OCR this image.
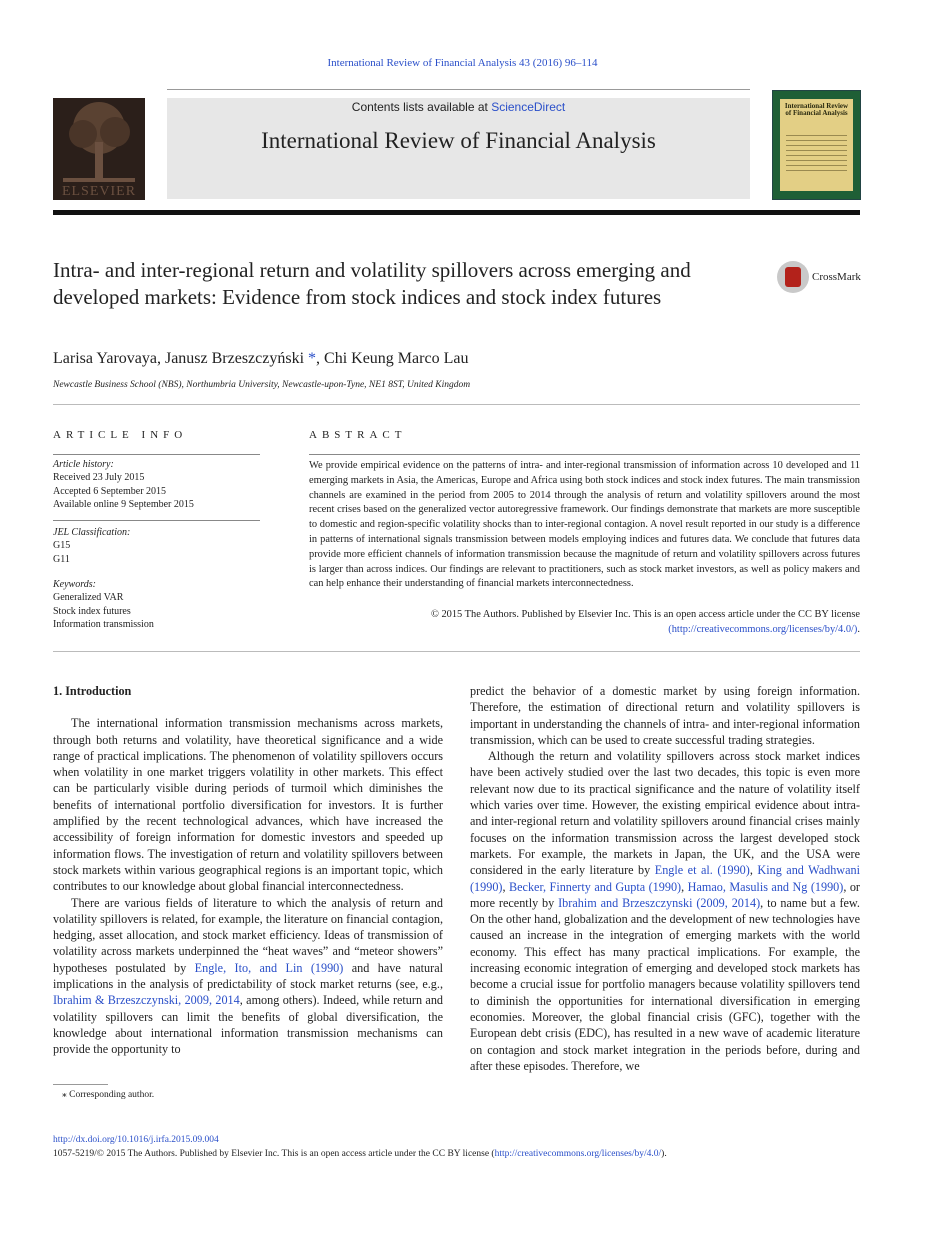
International Review of Financial Analysis 43 (2016) 96–114
ELSEVIER
Contents lists available at ScienceDirect
International Review of Financial Analysis
International Review of Financial Analysis
Intra- and inter-regional return and volatility spillovers across emerging and developed markets: Evidence from stock indices and stock index futures
CrossMark
Larisa Yarovaya, Janusz Brzeszczyński *, Chi Keung Marco Lau
Newcastle Business School (NBS), Northumbria University, Newcastle-upon-Tyne, NE1 8ST, United Kingdom
ARTICLE INFO	ABSTRACT
Article history:
Received 23 July 2015
Accepted 6 September 2015
Available online 9 September 2015
JEL Classification:
G15
G11
Keywords:
Generalized VAR
Stock index futures
Information transmission
We provide empirical evidence on the patterns of intra- and inter-regional transmission of information across 10 developed and 11 emerging markets in Asia, the Americas, Europe and Africa using both stock indices and stock index futures. The main transmission channels are examined in the period from 2005 to 2014 through the analysis of return and volatility spillovers around the most recent crises based on the generalized vector autoregressive framework. Our findings demonstrate that markets are more susceptible to domestic and region-specific volatility shocks than to inter-regional contagion. A novel result reported in our study is a difference in patterns of international signals transmission between models employing indices and futures data. We conclude that futures data provide more efficient channels of information transmission because the magnitude of return and volatility spillovers across futures is larger than across indices. Our findings are relevant to practitioners, such as stock market investors, as well as policy makers and can help enhance their understanding of financial markets interconnectedness.
© 2015 The Authors. Published by Elsevier Inc. This is an open access article under the CC BY license
(http://creativecommons.org/licenses/by/4.0/).
1. Introduction

The international information transmission mechanisms across markets, through both returns and volatility, have theoretical significance and a wide range of practical implications. The phenomenon of volatility spillovers occurs when volatility in one market triggers volatility in other markets. This effect can be particularly visible during periods of turmoil which diminishes the benefits of international portfolio diversification for investors. It is further amplified by the recent technological advances, which have increased the accessibility of foreign information for domestic investors and speeded up information flows. The investigation of return and volatility spillovers between stock markets within various geographical regions is an important topic, which contributes to our knowledge about global financial interconnectedness.

There are various fields of literature to which the analysis of return and volatility spillovers is related, for example, the literature on financial contagion, hedging, asset allocation, and stock market efficiency. Ideas of transmission of volatility across markets underpinned the “heat waves” and “meteor showers” hypotheses postulated by Engle, Ito, and Lin (1990) and have natural implications in the analysis of predictability of stock market returns (see, e.g., Ibrahim & Brzeszczynski, 2009, 2014, among others). Indeed, while return and volatility spillovers can limit the benefits of global diversification, the knowledge about international information transmission mechanisms can provide the opportunity to

predict the behavior of a domestic market by using foreign information. Therefore, the estimation of directional return and volatility spillovers is important in understanding the channels of intra- and inter-regional information transmission, which can be used to create successful trading strategies.

Although the return and volatility spillovers across stock market indices have been actively studied over the last two decades, this topic is even more relevant now due to its practical significance and the nature of volatility itself which varies over time. However, the existing empirical evidence about intra- and inter-regional return and volatility spillovers around financial crises mainly focuses on the information transmission across the largest developed stock markets. For example, the markets in Japan, the UK, and the USA were considered in the early literature by Engle et al. (1990), King and Wadhwani (1990), Becker, Finnerty and Gupta (1990), Hamao, Masulis and Ng (1990), or more recently by Ibrahim and Brzeszczynski (2009, 2014), to name but a few. On the other hand, globalization and the development of new technologies have caused an increase in the integration of emerging markets with the world economy. This effect has many practical implications. For example, the increasing economic integration of emerging and developed stock markets has become a crucial issue for portfolio managers because volatility spillovers tend to diminish the opportunities for international diversification in emerging economies. Moreover, the global financial crisis (GFC), together with the European debt crisis (EDC), has resulted in a new wave of academic literature on contagion and stock market integration in the periods before, during and after these episodes. Therefore, we

⁎ Corresponding author.
http://dx.doi.org/10.1016/j.irfa.2015.09.004
1057-5219/© 2015 The Authors. Published by Elsevier Inc. This is an open access article under the CC BY license (http://creativecommons.org/licenses/by/4.0/).
